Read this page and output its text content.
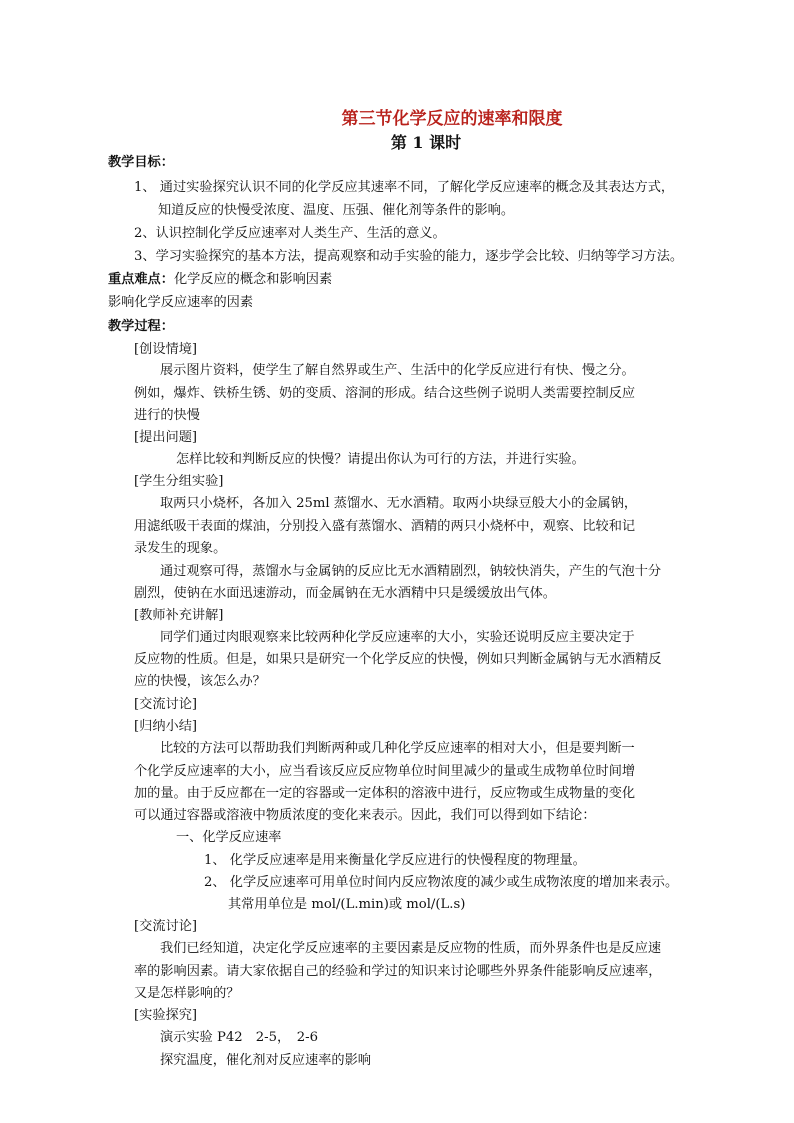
第三节化学反应的速率和限度
第 1 课时
教学目标：
1、 通过实验探究认识不同的化学反应其速率不同，了解化学反应速率的概念及其表达方式，
知道反应的快慢受浓度、温度、压强、催化剂等条件的影响。
2、认识控制化学反应速率对人类生产、生活的意义。
3、学习实验探究的基本方法，提高观察和动手实验的能力，逐步学会比较、归纳等学习方法。
重点难点：化学反应的概念和影响因素
影响化学反应速率的因素
教学过程：
[创设情境]
展示图片资料，使学生了解自然界或生产、生活中的化学反应进行有快、慢之分。
例如，爆炸、铁桥生锈、奶的变质、溶洞的形成。结合这些例子说明人类需要控制反应
进行的快慢
[提出问题]
怎样比较和判断反应的快慢？请提出你认为可行的方法，并进行实验。
[学生分组实验]
取两只小烧杯，各加入 25ml 蒸馏水、无水酒精。取两小块绿豆般大小的金属钠，
用滤纸吸干表面的煤油，分别投入盛有蒸馏水、酒精的两只小烧杯中，观察、比较和记
录发生的现象。
通过观察可得，蒸馏水与金属钠的反应比无水酒精剧烈，钠较快消失，产生的气泡十分
剧烈，使钠在水面迅速游动，而金属钠在无水酒精中只是缓缓放出气体。
[教师补充讲解]
同学们通过肉眼观察来比较两种化学反应速率的大小，实验还说明反应主要决定于
反应物的性质。但是，如果只是研究一个化学反应的快慢，例如只判断金属钠与无水酒精反
应的快慢，该怎么办？
[交流讨论]
[归纳小结]
比较的方法可以帮助我们判断两种或几种化学反应速率的相对大小，但是要判断一
个化学反应速率的大小，应当看该反应反应物单位时间里减少的量或生成物单位时间增
加的量。由于反应都在一定的容器或一定体积的溶液中进行，反应物或生成物量的变化
可以通过容器或溶液中物质浓度的变化来表示。因此，我们可以得到如下结论：
一、化学反应速率
1、 化学反应速率是用来衡量化学反应进行的快慢程度的物理量。
2、 化学反应速率可用单位时间内反应物浓度的减少或生成物浓度的增加来表示。
其常用单位是 mol/(L.min)或 mol/(L.s)
[交流讨论]
我们已经知道，决定化学反应速率的主要因素是反应物的性质，而外界条件也是反应速
率的影响因素。请大家依据自己的经验和学过的知识来讨论哪些外界条件能影响反应速率，
又是怎样影响的？
[实验探究]
演示实验 P42　2-5，　2-6
探究温度，催化剂对反应速率的影响
